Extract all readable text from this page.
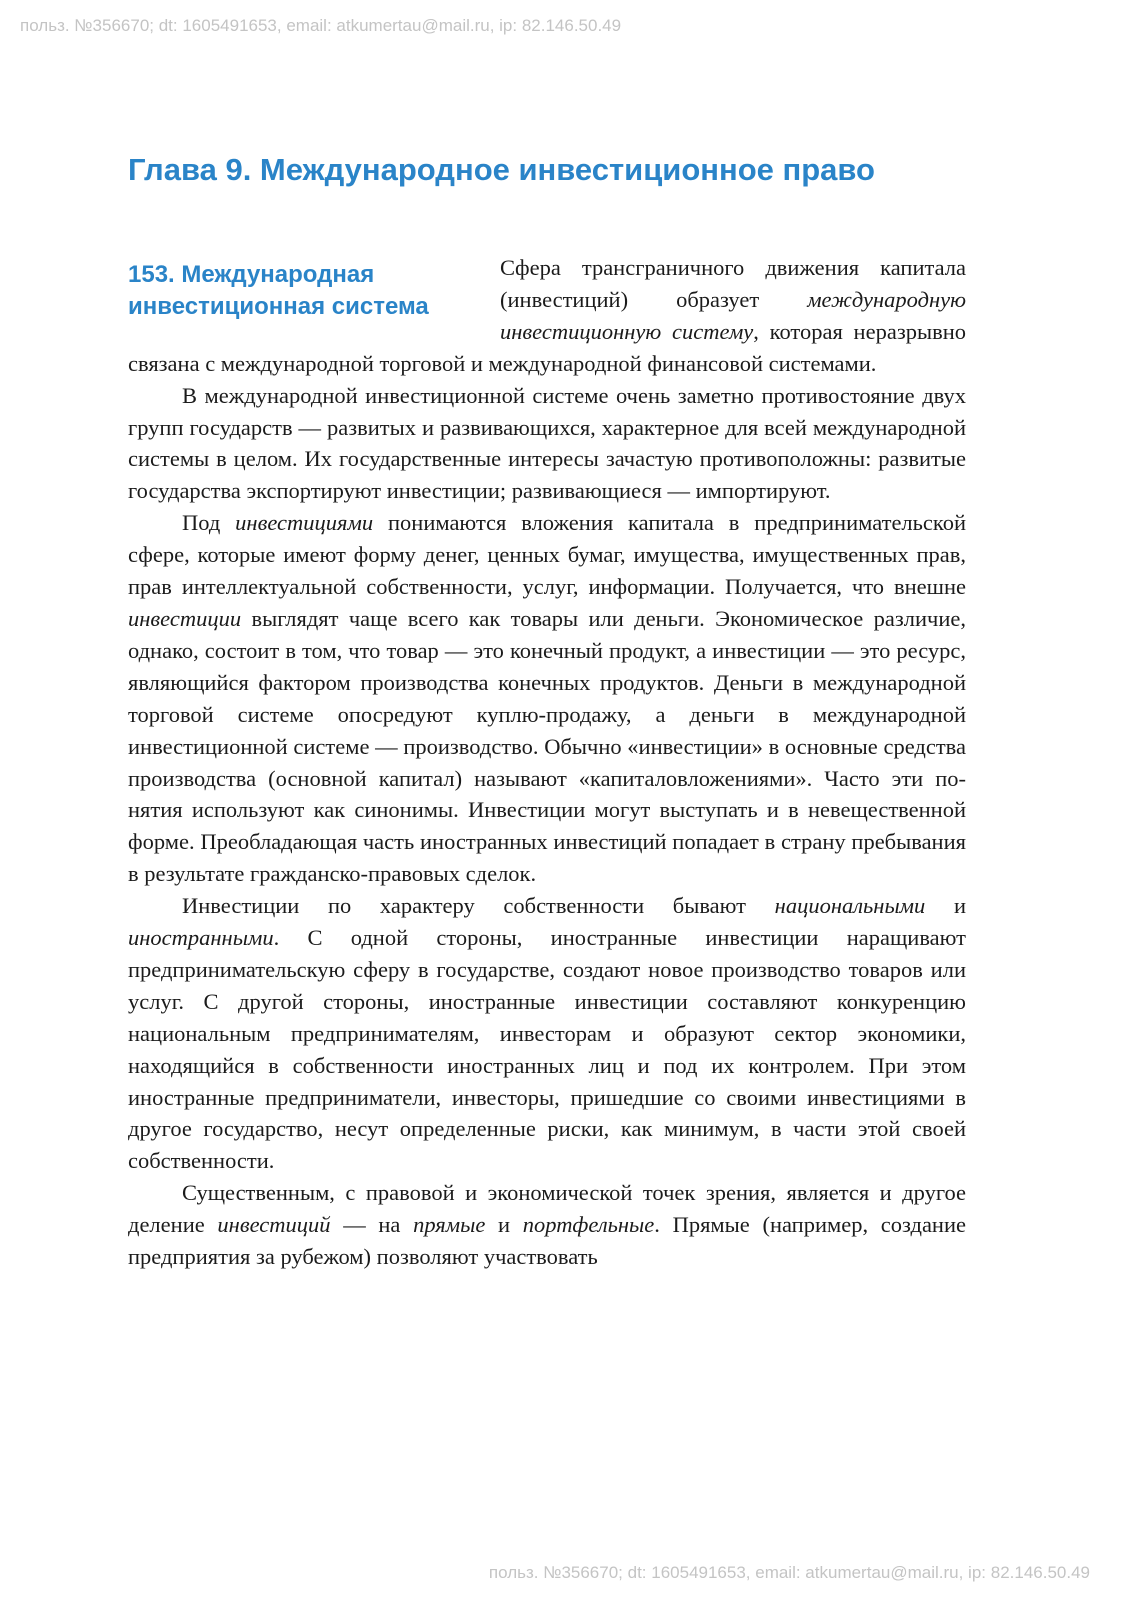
польз. №356670; dt: 1605491653, email: atkumertau@mail.ru, ip: 82.146.50.49
Глава 9. Международное инвестиционное право
153. Международная
инвестиционная система

Сфера трансграничного движения капитала (инвестиций) образует международную инвестиционную систему, которая неразрывно связана с международной торговой и международной финансовой системами.

В международной инвестиционной системе очень заметно противостояние двух групп государств — развитых и развивающихся, характерное для всей международной системы в целом. Их государственные интересы зачастую противоположны: развитые государства экспортируют инвестиции; развивающиеся — импортируют.

Под инвестициями понимаются вложения капитала в предпринимательской сфере, которые имеют форму денег, ценных бумаг, имущества, имущественных прав, прав интеллектуальной собственности, услуг, информации. Получается, что внешне инвестиции выглядят чаще всего как товары или деньги. Экономическое различие, однако, состоит в том, что товар — это конечный продукт, а инвестиции — это ресурс, являющийся фактором производства конечных продуктов. Деньги в международной торговой системе опосредуют куплю-продажу, а деньги в международной инвестиционной системе — производство. Обычно «инвестиции» в основные средства производства (основной капитал) называют «капиталовложениями». Часто эти понятия используют как синонимы. Инвестиции могут выступать и в невещественной форме. Преобладающая часть иностранных инвестиций попадает в страну пребывания в результате гражданско-правовых сделок.

Инвестиции по характеру собственности бывают национальными и иностранными. С одной стороны, иностранные инвестиции наращивают предпринимательскую сферу в государстве, создают новое производство товаров или услуг. С другой стороны, иностранные инвестиции составляют конкуренцию национальным предпринимателям, инвесторам и образуют сектор экономики, находящийся в собственности иностранных лиц и под их контролем. При этом иностранные предприниматели, инвесторы, пришедшие со своими инвестициями в другое государство, несут определенные риски, как минимум, в части этой своей собственности.

Существенным, с правовой и экономической точек зрения, является и другое деление инвестиций — на прямые и портфельные. Прямые (например, создание предприятия за рубежом) позволяют участвовать

польз. №356670; dt: 1605491653, email: atkumertau@mail.ru, ip: 82.146.50.49
